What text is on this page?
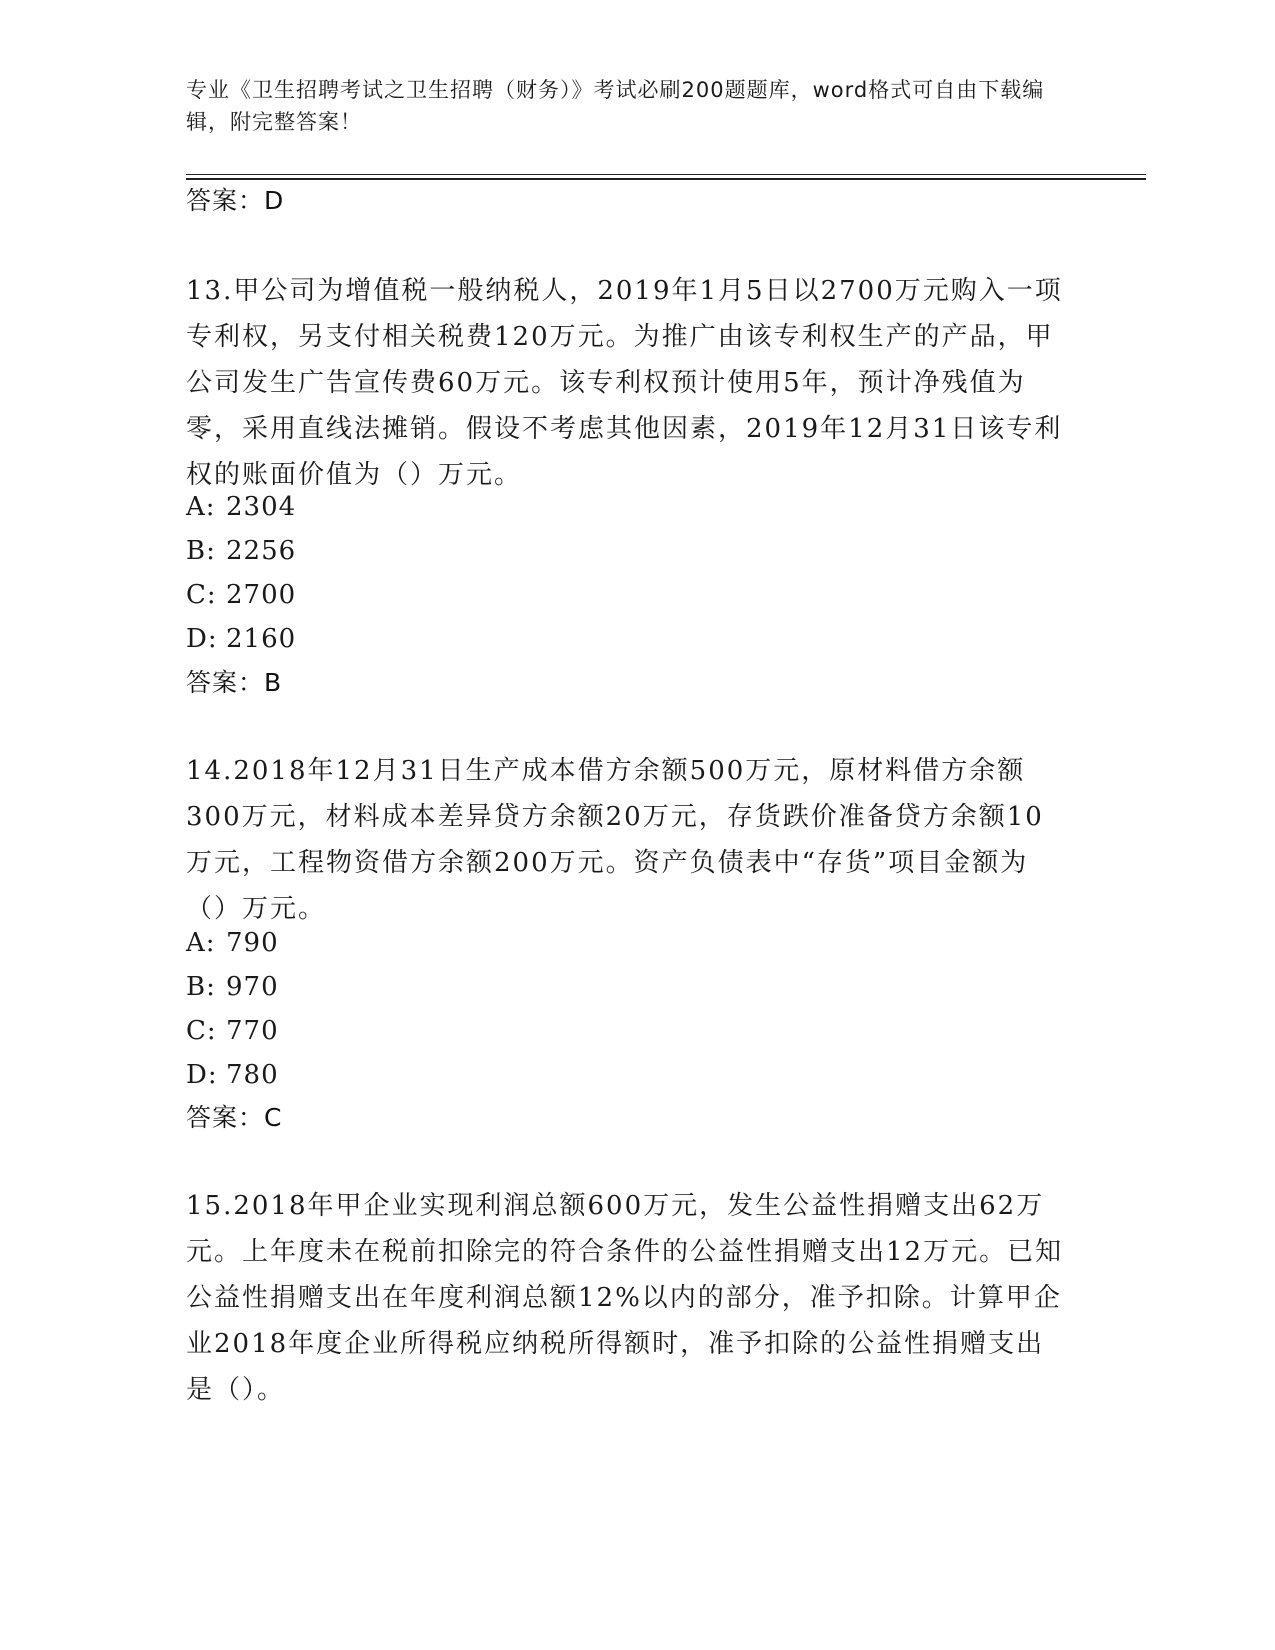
专业《卫生招聘考试之卫生招聘（财务）》考试必刷200题题库，word格式可自由下载编辑，附完整答案！
答案：D

13.甲公司为增值税一般纳税人，2019年1月5日以2700万元购入一项专利权，另支付相关税费120万元。为推广由该专利权生产的产品，甲公司发生广告宣传费60万元。该专利权预计使用5年，预计净残值为零，采用直线法摊销。假设不考虑其他因素，2019年12月31日该专利权的账面价值为（）万元。

A: 2304
B: 2256
C: 2700
D: 2160
答案：B

14.2018年12月31日生产成本借方余额500万元，原材料借方余额300万元，材料成本差异贷方余额20万元，存货跌价准备贷方余额10万元，工程物资借方余额200万元。资产负债表中“存货”项目金额为（）万元。

A: 790
B: 970
C: 770
D: 780
答案：C

15.2018年甲企业实现利润总额600万元，发生公益性捐赠支出62万元。上年度未在税前扣除完的符合条件的公益性捐赠支出12万元。已知公益性捐赠支出在年度利润总额12%以内的部分，准予扣除。计算甲企业2018年度企业所得税应纳税所得额时，准予扣除的公益性捐赠支出是（）。
